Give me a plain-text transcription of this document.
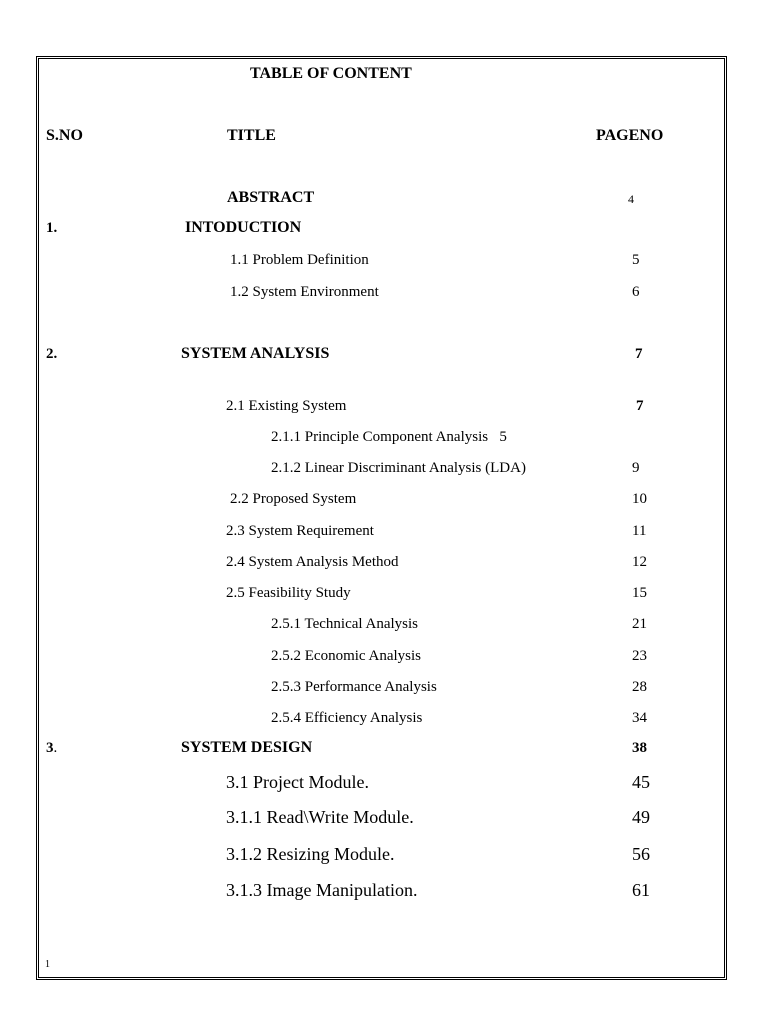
TABLE OF CONTENT
S.NO	TITLE	PAGENO
ABSTRACT	4
1.	INTODUCTION
1.1 Problem Definition	5
1.2 System Environment	6
2.	SYSTEM ANALYSIS	7
2.1 Existing System	7
2.1.1 Principle Component Analysis   5
2.1.2 Linear Discriminant Analysis (LDA)	9
2.2 Proposed System	10
2.3 System Requirement	11
2.4 System Analysis Method	12
2.5 Feasibility Study	15
2.5.1 Technical Analysis	21
2.5.2 Economic Analysis	23
2.5.3 Performance Analysis	28
2.5.4 Efficiency Analysis	34
3.	SYSTEM DESIGN	38
3.1 Project Module.	45
3.1.1 Read\Write Module.	49
3.1.2 Resizing Module.	56
3.1.3 Image Manipulation.	61
1
